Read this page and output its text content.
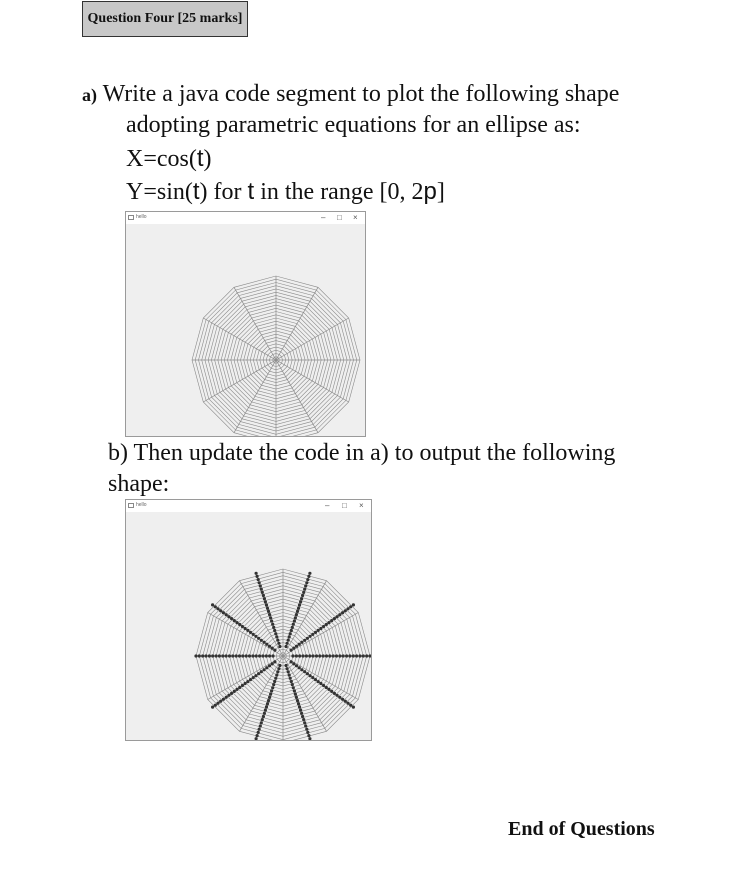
Question Four [25 marks]
a) Write a java code segment to plot the following shape
adopting parametric equations for an ellipse as:
X=cos(t)
Y=sin(t) for t in the range [0, 2p]
hello	– □ ×
b) Then update the code in a) to output the following
shape:
hello	– □ ×
End of Questions
